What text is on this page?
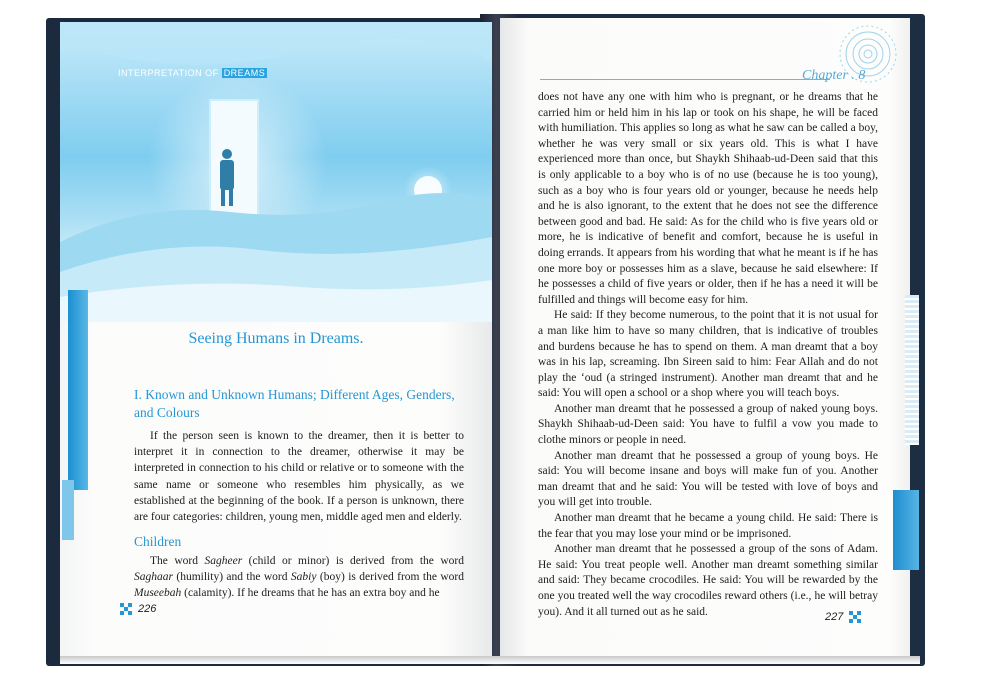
INTERPRETATION OF DREAMS
Seeing Humans in Dreams.
I. Known and Unknown Humans; Different Ages, Genders, and Colours
If the person seen is known to the dreamer, then it is better to interpret it in connection to the dreamer, otherwise it may be interpreted in connection to his child or relative or to someone with the same name or someone who resembles him physically, as we established at the beginning of the book. If a person is unknown, there are four categories: children, young men, middle aged men and elderly.
Children
The word Sagheer (child or minor) is derived from the word Saghaar (humility) and the word Sabiy (boy) is derived from the word Museebah (calamity). If he dreams that he has an extra boy and he
226
Chapter . 8

does not have any one with him who is pregnant, or he dreams that he carried him or held him in his lap or took on his shape, he will be faced with humiliation. This applies so long as what he saw can be called a boy, whether he was very small or six years old. This is what I have experienced more than once, but Shaykh Shihaab-ud-Deen said that this is only applicable to a boy who is of no use (because he is too young), such as a boy who is four years old or younger, because he needs help and he is also ignorant, to the extent that he does not see the difference between good and bad. He said: As for the child who is five years old or more, he is indicative of benefit and comfort, because he is useful in doing errands. It appears from his wording that what he meant is if he has one more boy or possesses him as a slave, because he said elsewhere: If he possesses a child of five years or older, then if he has a need it will be fulfilled and things will become easy for him.

He said: If they become numerous, to the point that it is not usual for a man like him to have so many children, that is indicative of troubles and burdens because he has to spend on them. A man dreamt that a boy was in his lap, screaming. Ibn Sireen said to him: Fear Allah and do not play the ‘oud (a stringed instrument). Another man dreamt that and he said: You will open a school or a shop where you will teach boys.

Another man dreamt that he possessed a group of naked young boys. Shaykh Shihaab-ud-Deen said: You have to fulfil a vow you made to clothe minors or people in need.

Another man dreamt that he possessed a group of young boys. He said: You will become insane and boys will make fun of you. Another man dreamt that and he said: You will be tested with love of boys and you will get into trouble.

Another man dreamt that he became a young child. He said: There is the fear that you may lose your mind or be imprisoned.

Another man dreamt that he possessed a group of the sons of Adam. He said: You treat people well. Another man dreamt something similar and said: They became crocodiles. He said: You will be rewarded by the one you treated well the way crocodiles reward others (i.e., he will betray you). And it all turned out as he said.	227
